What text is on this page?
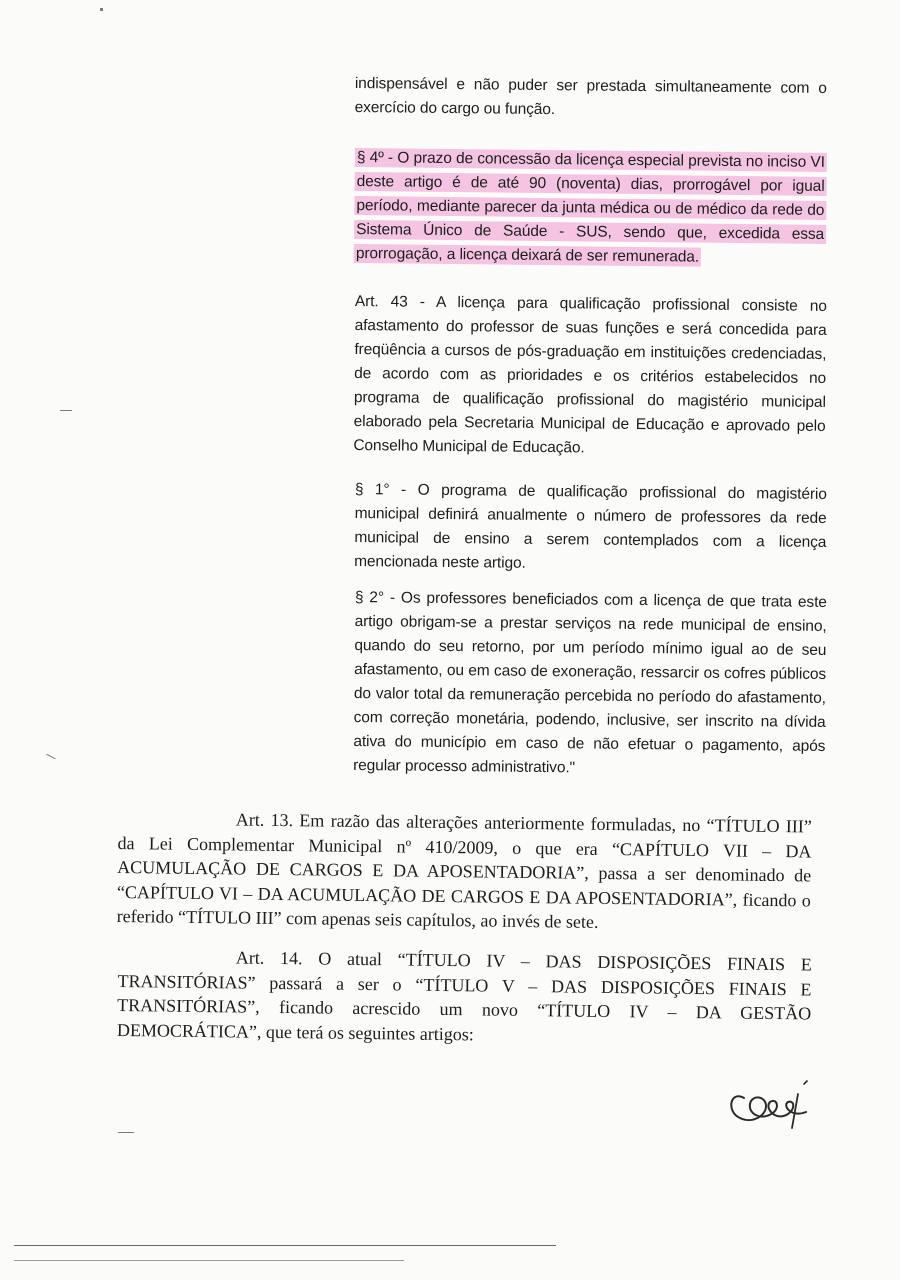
indispensável e não puder ser prestada simultaneamente com o exercício do cargo ou função.

§ 4º - O prazo de concessão da licença especial prevista no inciso VI deste artigo é de até 90 (noventa) dias, prorrogável por igual período, mediante parecer da junta médica ou de médico da rede do Sistema Único de Saúde - SUS, sendo que, excedida essa prorrogação, a licença deixará de ser remunerada.

Art. 43 - A licença para qualificação profissional consiste no afastamento do professor de suas funções e será concedida para freqüência a cursos de pós-graduação em instituições credenciadas, de acordo com as prioridades e os critérios estabelecidos no programa de qualificação profissional do magistério municipal elaborado pela Secretaria Municipal de Educação e aprovado pelo Conselho Municipal de Educação.

§ 1° - O programa de qualificação profissional do magistério municipal definirá anualmente o número de professores da rede municipal de ensino a serem contemplados com a licença mencionada neste artigo.

§ 2° - Os professores beneficiados com a licença de que trata este artigo obrigam-se a prestar serviços na rede municipal de ensino, quando do seu retorno, por um período mínimo igual ao de seu afastamento, ou em caso de exoneração, ressarcir os cofres públicos do valor total da remuneração percebida no período do afastamento, com correção monetária, podendo, inclusive, ser inscrito na dívida ativa do município em caso de não efetuar o pagamento, após regular processo administrativo."

Art. 13. Em razão das alterações anteriormente formuladas, no “TÍTULO III” da Lei Complementar Municipal nº 410/2009, o que era “CAPÍTULO VII – DA ACUMULAÇÃO DE CARGOS E DA APOSENTADORIA”, passa a ser denominado de “CAPÍTULO VI – DA ACUMULAÇÃO DE CARGOS E DA APOSENTADORIA”, ficando o referido “TÍTULO III” com apenas seis capítulos, ao invés de sete.

Art. 14. O atual “TÍTULO IV – DAS DISPOSIÇÕES FINAIS E TRANSITÓRIAS” passará a ser o “TÍTULO V – DAS DISPOSIÇÕES FINAIS E TRANSITÓRIAS”, ficando acrescido um novo “TÍTULO IV – DA GESTÃO DEMOCRÁTICA”, que terá os seguintes artigos:
